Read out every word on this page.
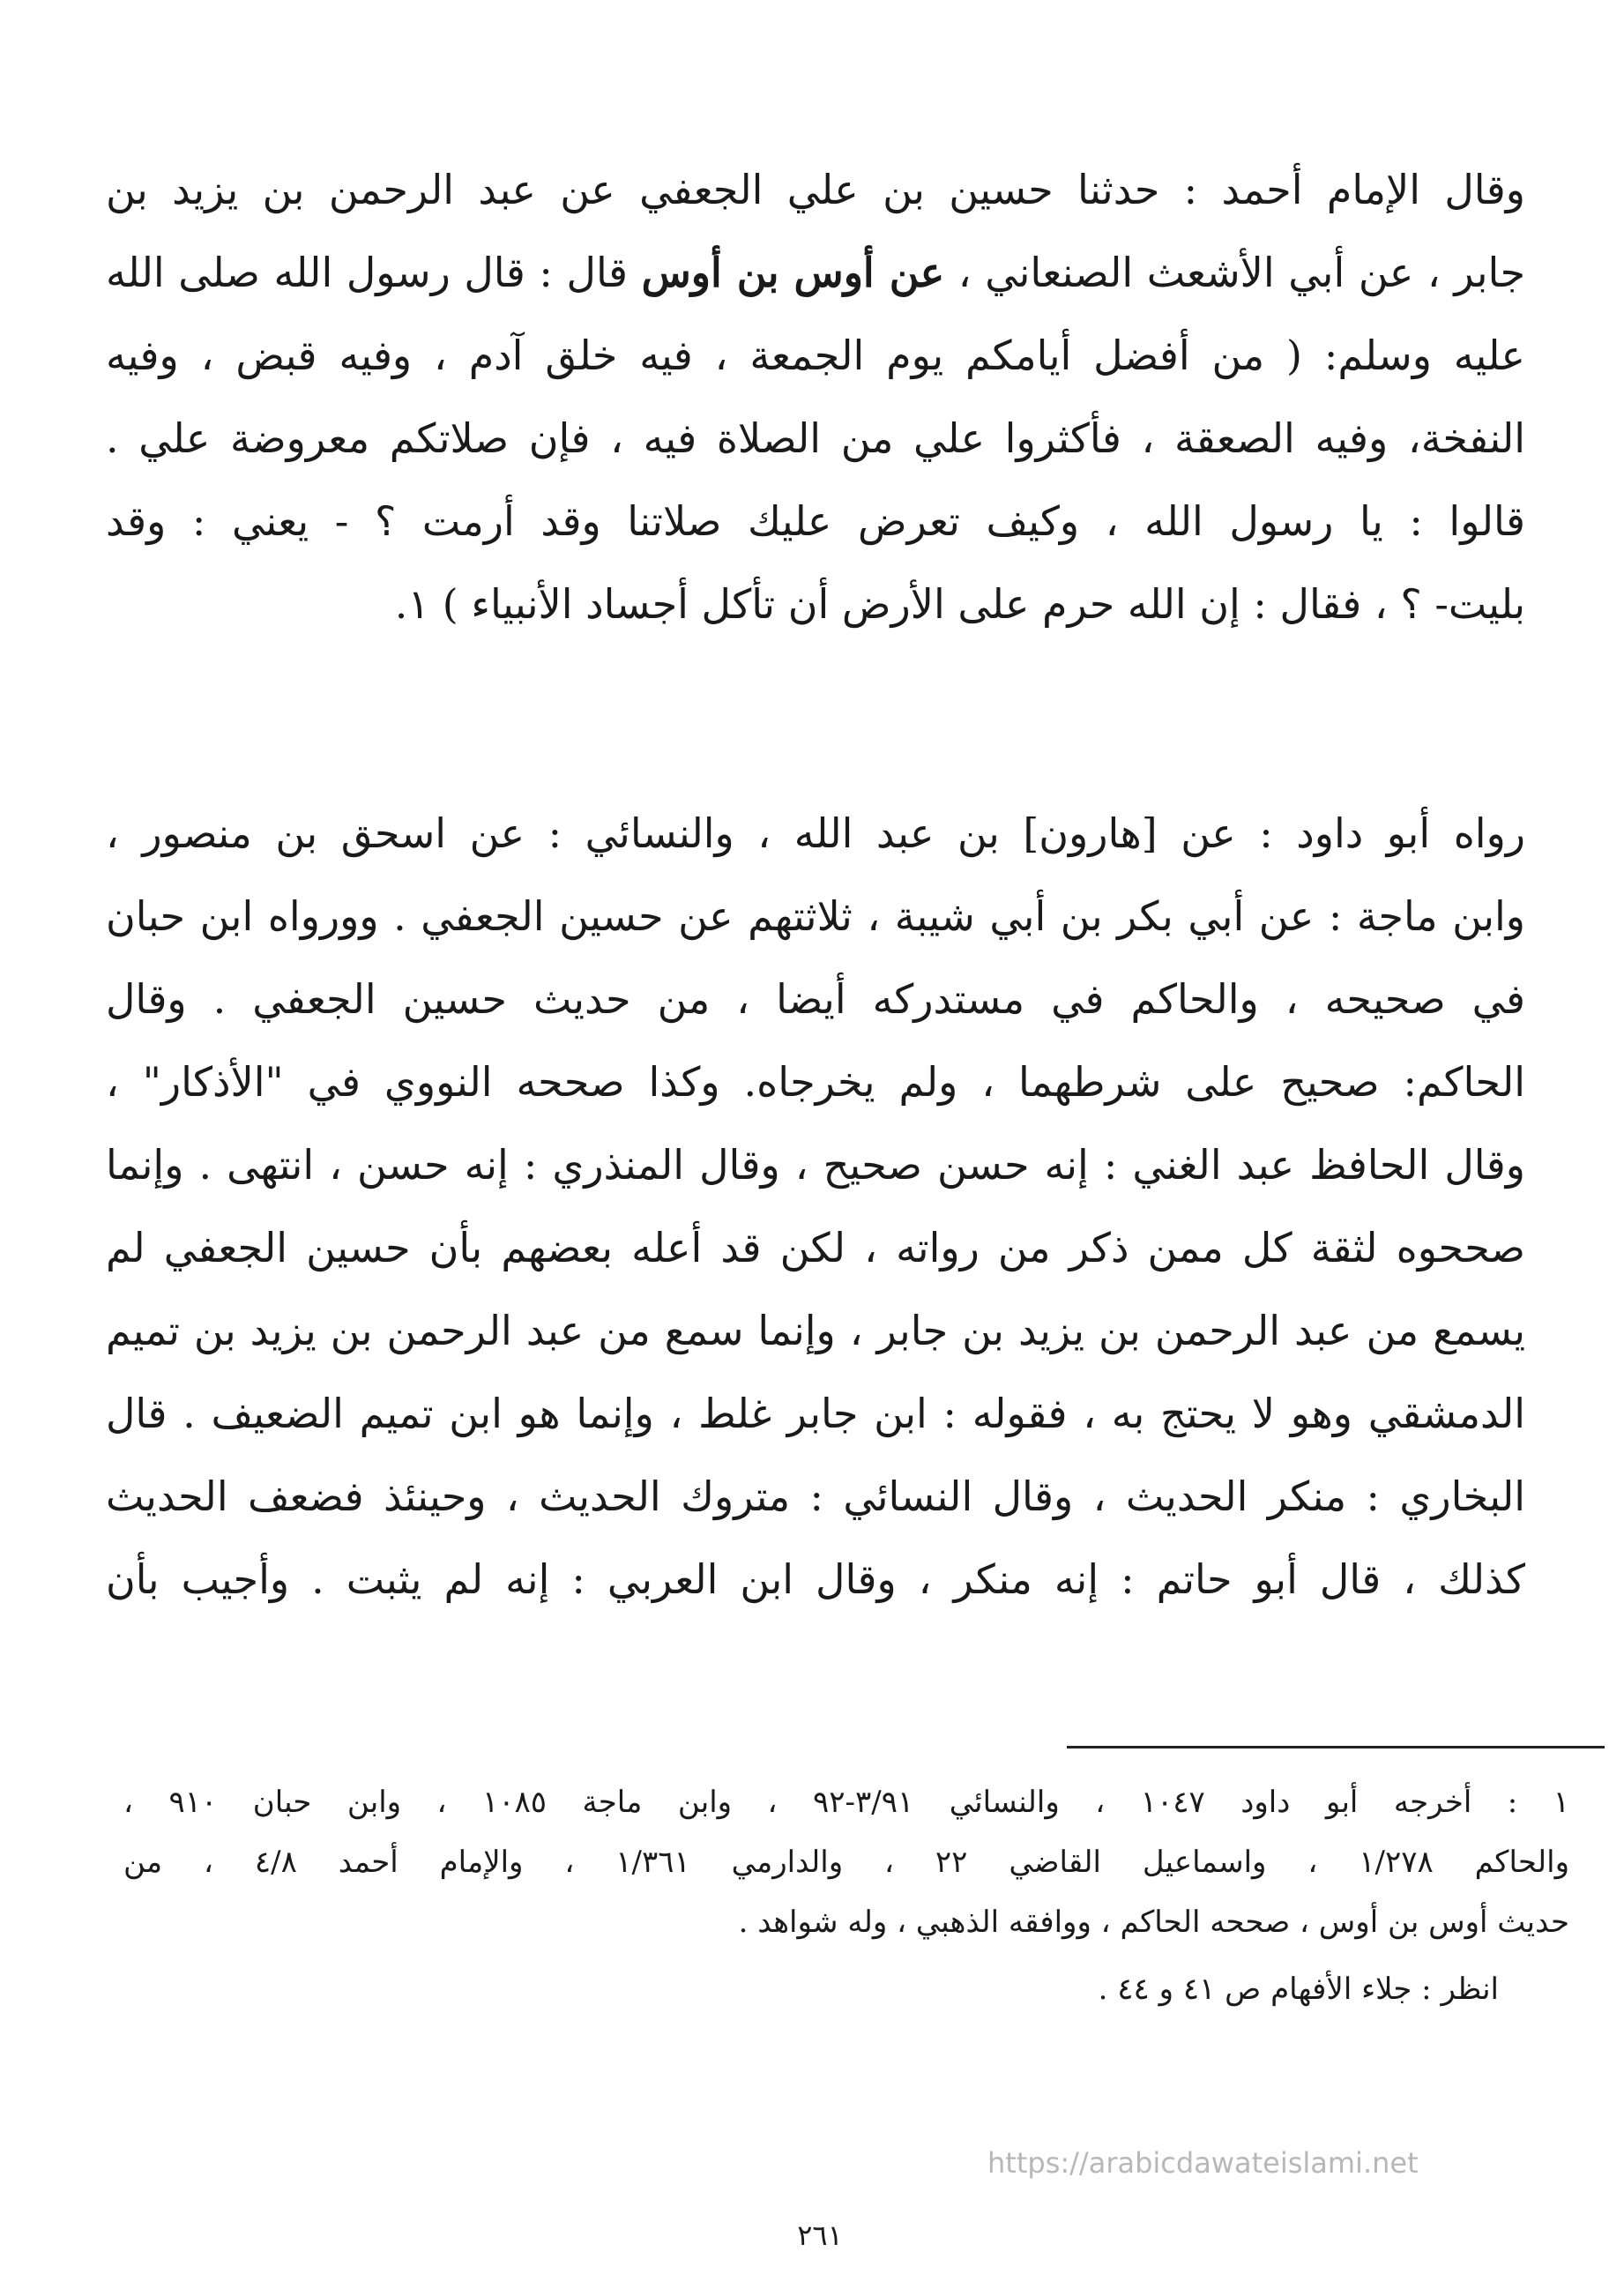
وقال الإمام أحمد : حدثنا حسين بن علي الجعفي عن عبد الرحمن بن يزيد بن
جابر ، عن أبي الأشعث الصنعاني ، عن أوس بن أوس قال : قال رسول الله صلى الله
عليه وسلم: ( من أفضل أيامكم يوم الجمعة ، فيه خلق آدم ، وفيه قبض ، وفيه
النفخة، وفيه الصعقة ، فأكثروا علي من الصلاة فيه ، فإن صلاتكم معروضة علي .
قالوا : يا رسول الله ، وكيف تعرض عليك صلاتنا وقد أرمت ؟ - يعني : وقد
بليت- ؟ ، فقال : إن الله حرم على الأرض أن تأكل أجساد الأنبياء ) ١.
رواه أبو داود : عن [هارون] بن عبد الله ، والنسائي : عن اسحق بن منصور ،
وابن ماجة : عن أبي بكر بن أبي شيبة ، ثلاثتهم عن حسين الجعفي . وورواه ابن حبان
في صحيحه ، والحاكم في مستدركه أيضا ، من حديث حسين الجعفي . وقال
الحاكم: صحيح على شرطهما ، ولم يخرجاه. وكذا صححه النووي في "الأذكار" ،
وقال الحافظ عبد الغني : إنه حسن صحيح ، وقال المنذري : إنه حسن ، انتهى . وإنما
صححوه لثقة كل ممن ذكر من رواته ، لكن قد أعله بعضهم بأن حسين الجعفي لم
يسمع من عبد الرحمن بن يزيد بن جابر ، وإنما سمع من عبد الرحمن بن يزيد بن تميم
الدمشقي وهو لا يحتج به ، فقوله : ابن جابر غلط ، وإنما هو ابن تميم الضعيف . قال
البخاري : منكر الحديث ، وقال النسائي : متروك الحديث ، وحينئذ فضعف الحديث
كذلك ، قال أبو حاتم : إنه منكر ، وقال ابن العربي : إنه لم يثبت . وأجيب بأن
١ : أخرجه أبو داود ١٠٤٧ ، والنسائي ٣/٩١-٩٢ ، وابن ماجة ١٠٨٥ ، وابن حبان ٩١٠ ،
والحاكم ١/٢٧٨ ، واسماعيل القاضي ٢٢ ، والدارمي ١/٣٦١ ، والإمام أحمد ٤/٨ ، من
حديث أوس بن أوس ، صححه الحاكم ، ووافقه الذهبي ، وله شواهد .
انظر : جلاء الأفهام ص ٤١ و ٤٤ .
https://arabicdawateislami.net
٢٦١
